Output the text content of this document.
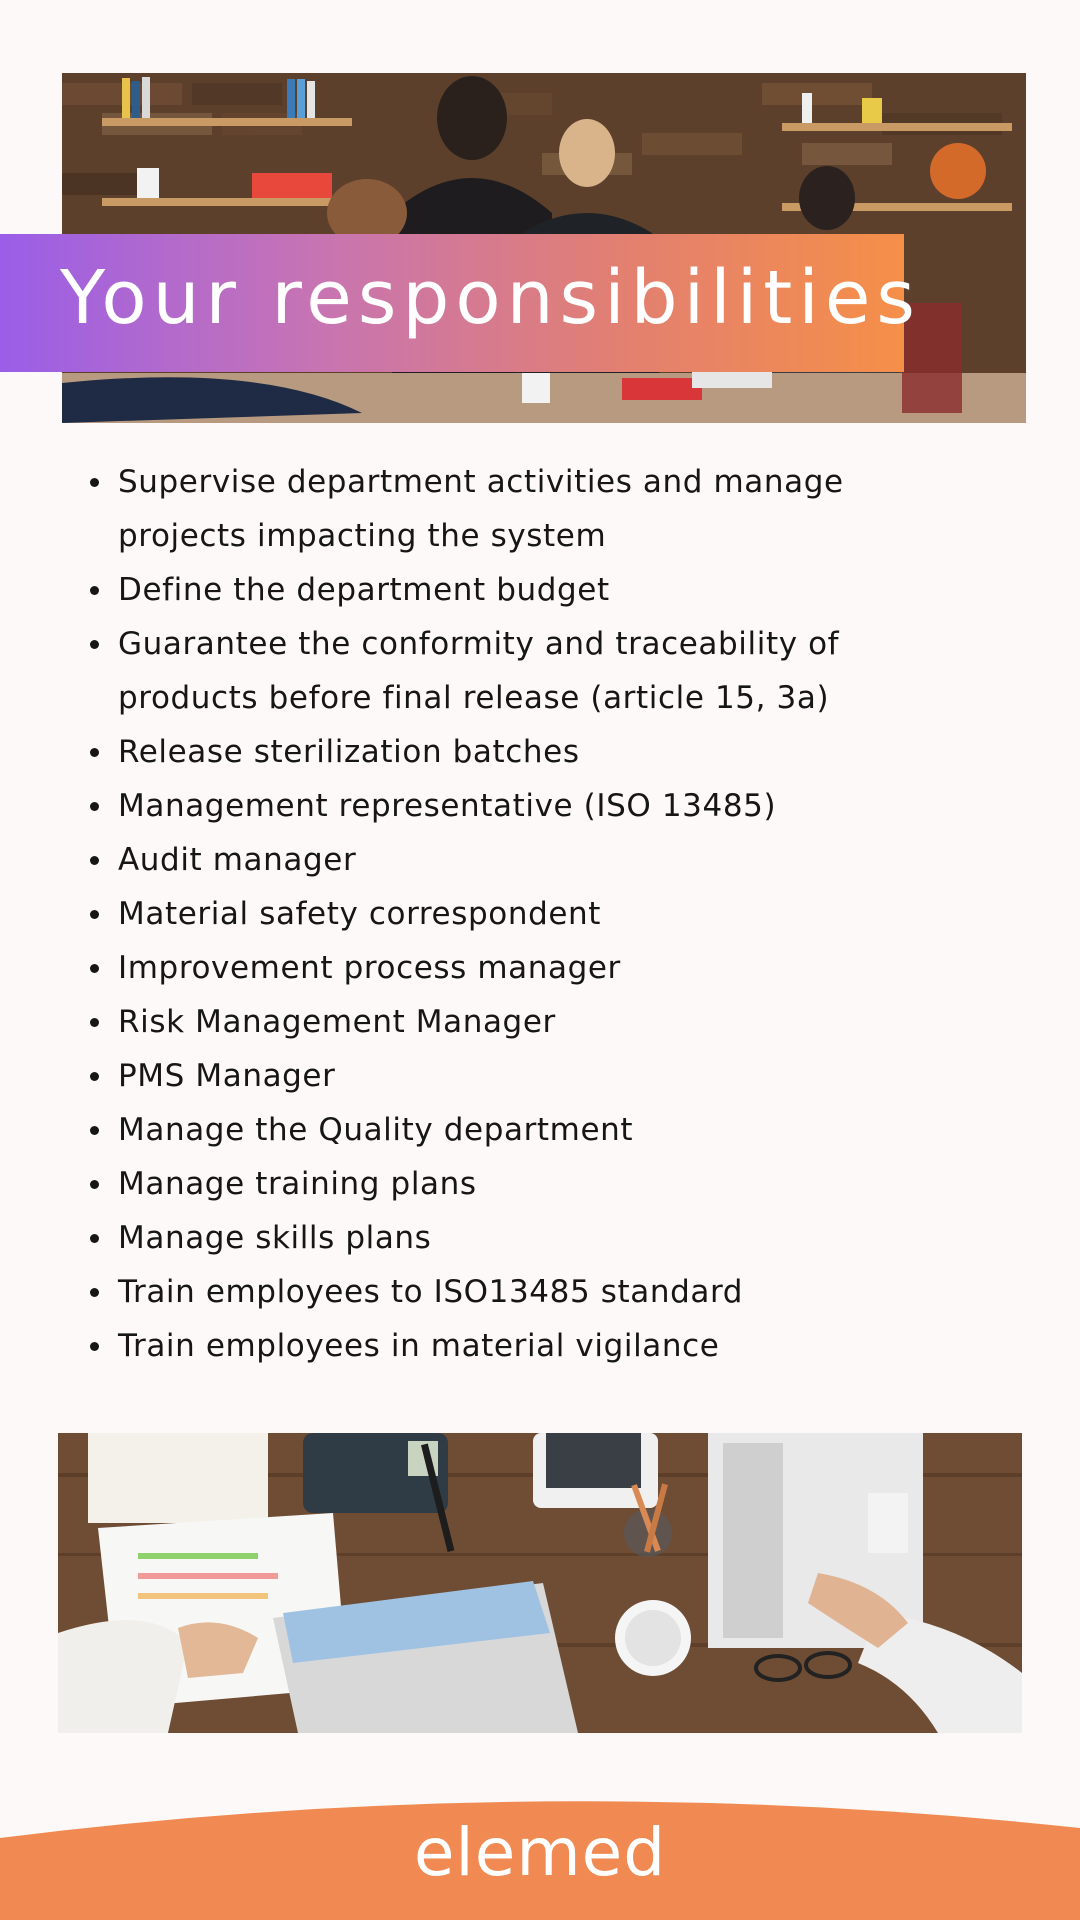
Your responsibilities
Supervise department activities and manage projects impacting the system
Define the department budget
Guarantee the conformity and traceability of products before final release (article 15, 3a)
Release sterilization batches
Management representative (ISO 13485)
Audit manager
Material safety correspondent
Improvement process manager
Risk Management Manager
PMS Manager
Manage the Quality department
Manage training plans
Manage skills plans
Train employees to ISO13485 standard
Train employees in material vigilance
elemed
